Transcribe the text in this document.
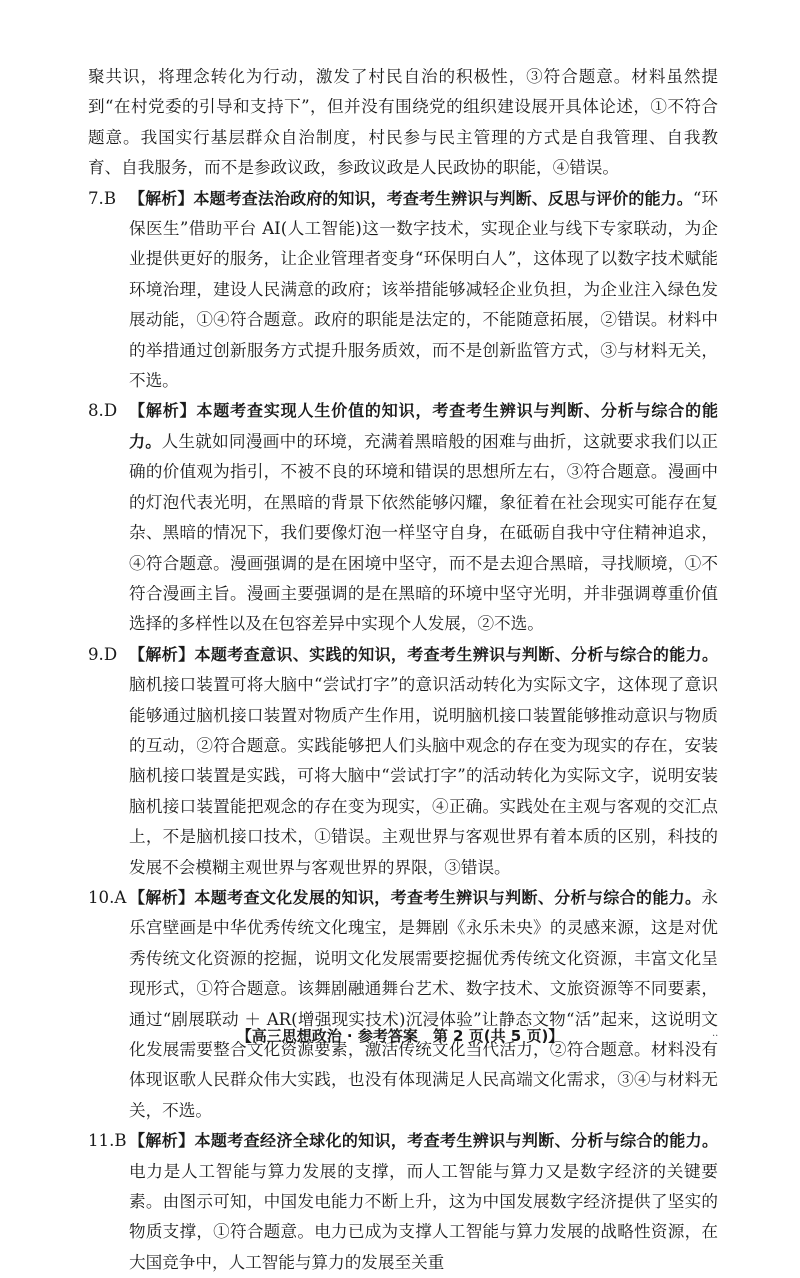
聚共识，将理念转化为行动，激发了村民自治的积极性，③符合题意。材料虽然提到“在村党委的引导和支持下”，但并没有围绕党的组织建设展开具体论述，①不符合题意。我国实行基层群众自治制度，村民参与民主管理的方式是自我管理、自我教育、自我服务，而不是参政议政，参政议政是人民政协的职能，④错误。

7.B 【解析】本题考查法治政府的知识，考查考生辨识与判断、反思与评价的能力。“环保医生”借助平台 AI(人工智能)这一数字技术，实现企业与线下专家联动，为企业提供更好的服务，让企业管理者变身“环保明白人”，这体现了以数字技术赋能环境治理，建设人民满意的政府；该举措能够减轻企业负担，为企业注入绿色发展动能，①④符合题意。政府的职能是法定的，不能随意拓展，②错误。材料中的举措通过创新服务方式提升服务质效，而不是创新监管方式，③与材料无关，不选。

8.D 【解析】本题考查实现人生价值的知识，考查考生辨识与判断、分析与综合的能力。人生就如同漫画中的环境，充满着黑暗般的困难与曲折，这就要求我们以正确的价值观为指引，不被不良的环境和错误的思想所左右，③符合题意。漫画中的灯泡代表光明，在黑暗的背景下依然能够闪耀，象征着在社会现实可能存在复杂、黑暗的情况下，我们要像灯泡一样坚守自身，在砥砺自我中守住精神追求，④符合题意。漫画强调的是在困境中坚守，而不是去迎合黑暗，寻找顺境，①不符合漫画主旨。漫画主要强调的是在黑暗的环境中坚守光明，并非强调尊重价值选择的多样性以及在包容差异中实现个人发展，②不选。

9.D 【解析】本题考查意识、实践的知识，考查考生辨识与判断、分析与综合的能力。脑机接口装置可将大脑中“尝试打字”的意识活动转化为实际文字，这体现了意识能够通过脑机接口装置对物质产生作用，说明脑机接口装置能够推动意识与物质的互动，②符合题意。实践能够把人们头脑中观念的存在变为现实的存在，安装脑机接口装置是实践，可将大脑中“尝试打字”的活动转化为实际文字，说明安装脑机接口装置能把观念的存在变为现实，④正确。实践处在主观与客观的交汇点上，不是脑机接口技术，①错误。主观世界与客观世界有着本质的区别，科技的发展不会模糊主观世界与客观世界的界限，③错误。

10.A 【解析】本题考查文化发展的知识，考查考生辨识与判断、分析与综合的能力。永乐宫壁画是中华优秀传统文化瑰宝，是舞剧《永乐未央》的灵感来源，这是对优秀传统文化资源的挖掘，说明文化发展需要挖掘优秀传统文化资源，丰富文化呈现形式，①符合题意。该舞剧融通舞台艺术、数字技术、文旅资源等不同要素，通过“剧展联动 ＋ AR(增强现实技术)沉浸体验”让静态文物“活”起来，这说明文化发展需要整合文化资源要素，激活传统文化当代活力，②符合题意。材料没有体现讴歌人民群众伟大实践，也没有体现满足人民高端文化需求，③④与材料无关，不选。

11.B 【解析】本题考查经济全球化的知识，考查考生辨识与判断、分析与综合的能力。电力是人工智能与算力发展的支撑，而人工智能与算力又是数字经济的关键要素。由图示可知，中国发电能力不断上升，这为中国发展数字经济提供了坚实的物质支撑，①符合题意。电力已成为支撑人工智能与算力发展的战略性资源，在大国竞争中，人工智能与算力的发展至关重

【高三思想政治 · 参考答案　第 2 页(共 5 页)】	··
